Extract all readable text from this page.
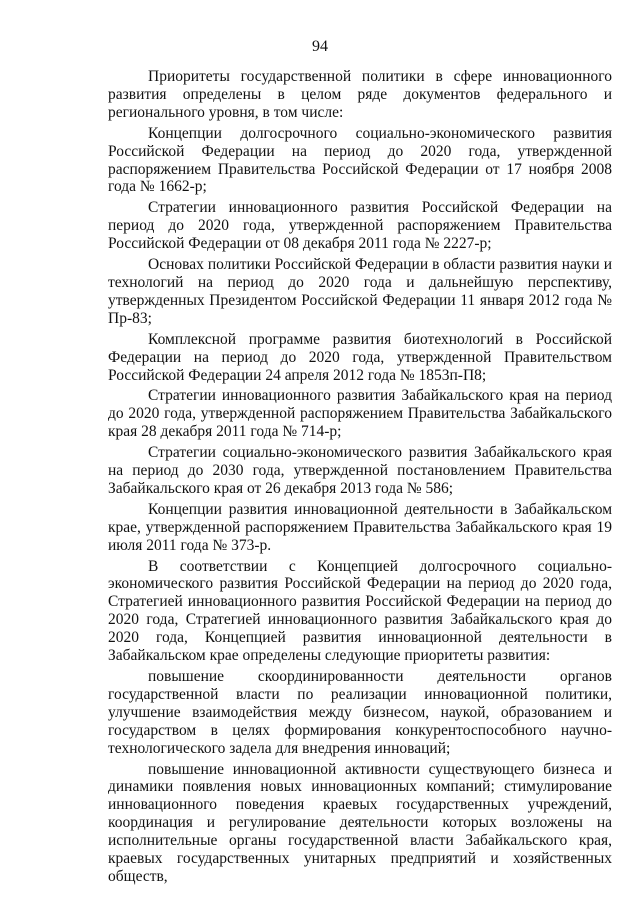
94

Приоритеты государственной политики в сфере инновационного развития определены в целом ряде документов федерального и регионального уровня, в том числе:

Концепции долгосрочного социально-экономического развития Российской Федерации на период до 2020 года, утвержденной распоряжением Правительства Российской Федерации от 17 ноября 2008 года № 1662-р;

Стратегии инновационного развития Российской Федерации на период до 2020 года, утвержденной распоряжением Правительства Российской Федерации от 08 декабря 2011 года № 2227-р;

Основах политики Российской Федерации в области развития науки и технологий на период до 2020 года и дальнейшую перспективу, утвержденных Президентом Российской Федерации 11 января 2012 года № Пр-83;

Комплексной программе развития биотехнологий в Российской Федерации на период до 2020 года, утвержденной Правительством Российской Федерации 24 апреля 2012 года № 1853п-П8;

Стратегии инновационного развития Забайкальского края на период до 2020 года, утвержденной распоряжением Правительства Забайкальского края 28 декабря 2011 года № 714-р;

Стратегии социально-экономического развития Забайкальского края на период до 2030 года, утвержденной постановлением Правительства Забайкальского края от 26 декабря 2013 года № 586;

Концепции развития инновационной деятельности в Забайкальском крае, утвержденной распоряжением Правительства Забайкальского края 19 июля 2011 года № 373-р.

В соответствии с Концепцией долгосрочного социально-экономического развития Российской Федерации на период до 2020 года, Стратегией инновационного развития Российской Федерации на период до 2020 года, Стратегией инновационного развития Забайкальского края до 2020 года, Концепцией развития инновационной деятельности в Забайкальском крае определены следующие приоритеты развития:

повышение скоординированности деятельности органов государственной власти по реализации инновационной политики, улучшение взаимодействия между бизнесом, наукой, образованием и государством в целях формирования конкурентоспособного научно-технологического задела для внедрения инноваций;

повышение инновационной активности существующего бизнеса и динамики появления новых инновационных компаний; стимулирование инновационного поведения краевых государственных учреждений, координация и регулирование деятельности которых возложены на исполнительные органы государственной власти Забайкальского края, краевых государственных унитарных предприятий и хозяйственных обществ,
